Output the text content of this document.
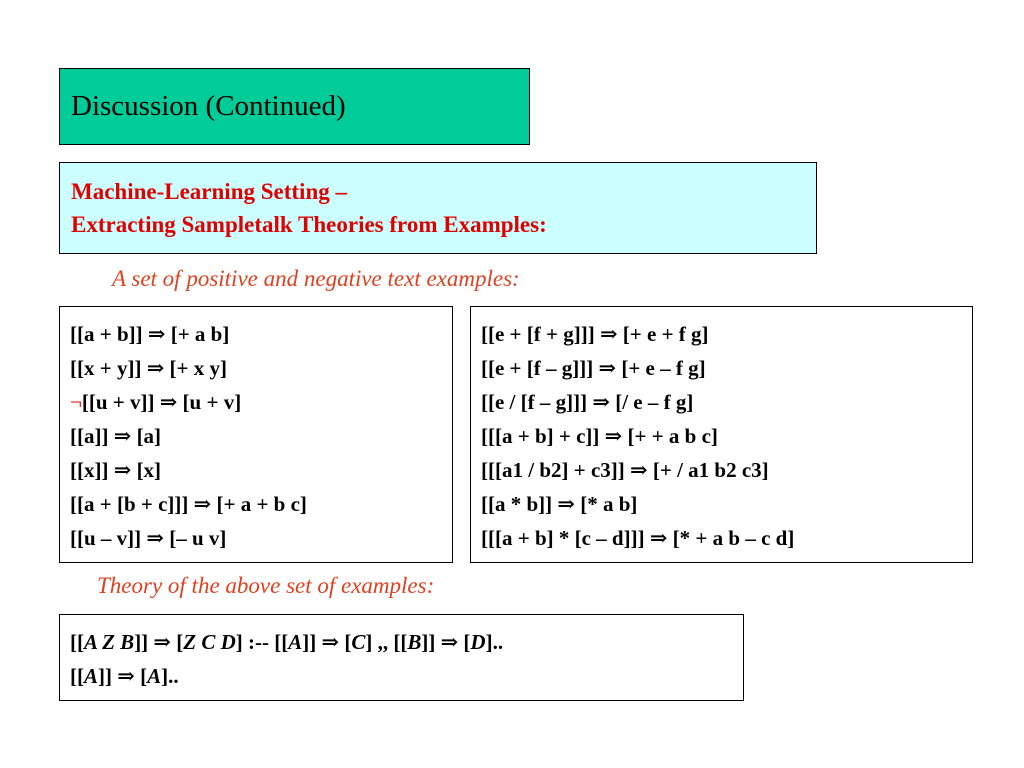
Discussion (Continued)
Machine-Learning Setting –
Extracting Sampletalk Theories from Examples:
A set of positive and negative text examples:
[[a + b]] ⇒ [+ a b]
[[x + y]] ⇒ [+ x y]
¬[[u + v]] ⇒ [u + v]
[[a]] ⇒ [a]
[[x]] ⇒ [x]
[[a + [b + c]]] ⇒ [+ a + b c]
[[u – v]] ⇒ [– u v]
[[e + [f + g]]] ⇒ [+ e + f g]
[[e + [f – g]]] ⇒ [+ e – f g]
[[e / [f – g]]] ⇒ [/ e – f g]
[[[a + b] + c]] ⇒ [+ + a b c]
[[[a1 / b2] + c3]] ⇒ [+ / a1 b2 c3]
[[a * b]] ⇒ [* a b]
[[[a + b] * [c – d]]] ⇒ [* + a b – c d]
Theory of the above set of examples:
[[A Z B]] ⇒ [Z C D] :-- [[A]] ⇒ [C] ,, [[B]] ⇒ [D]..
[[A]] ⇒ [A]..
